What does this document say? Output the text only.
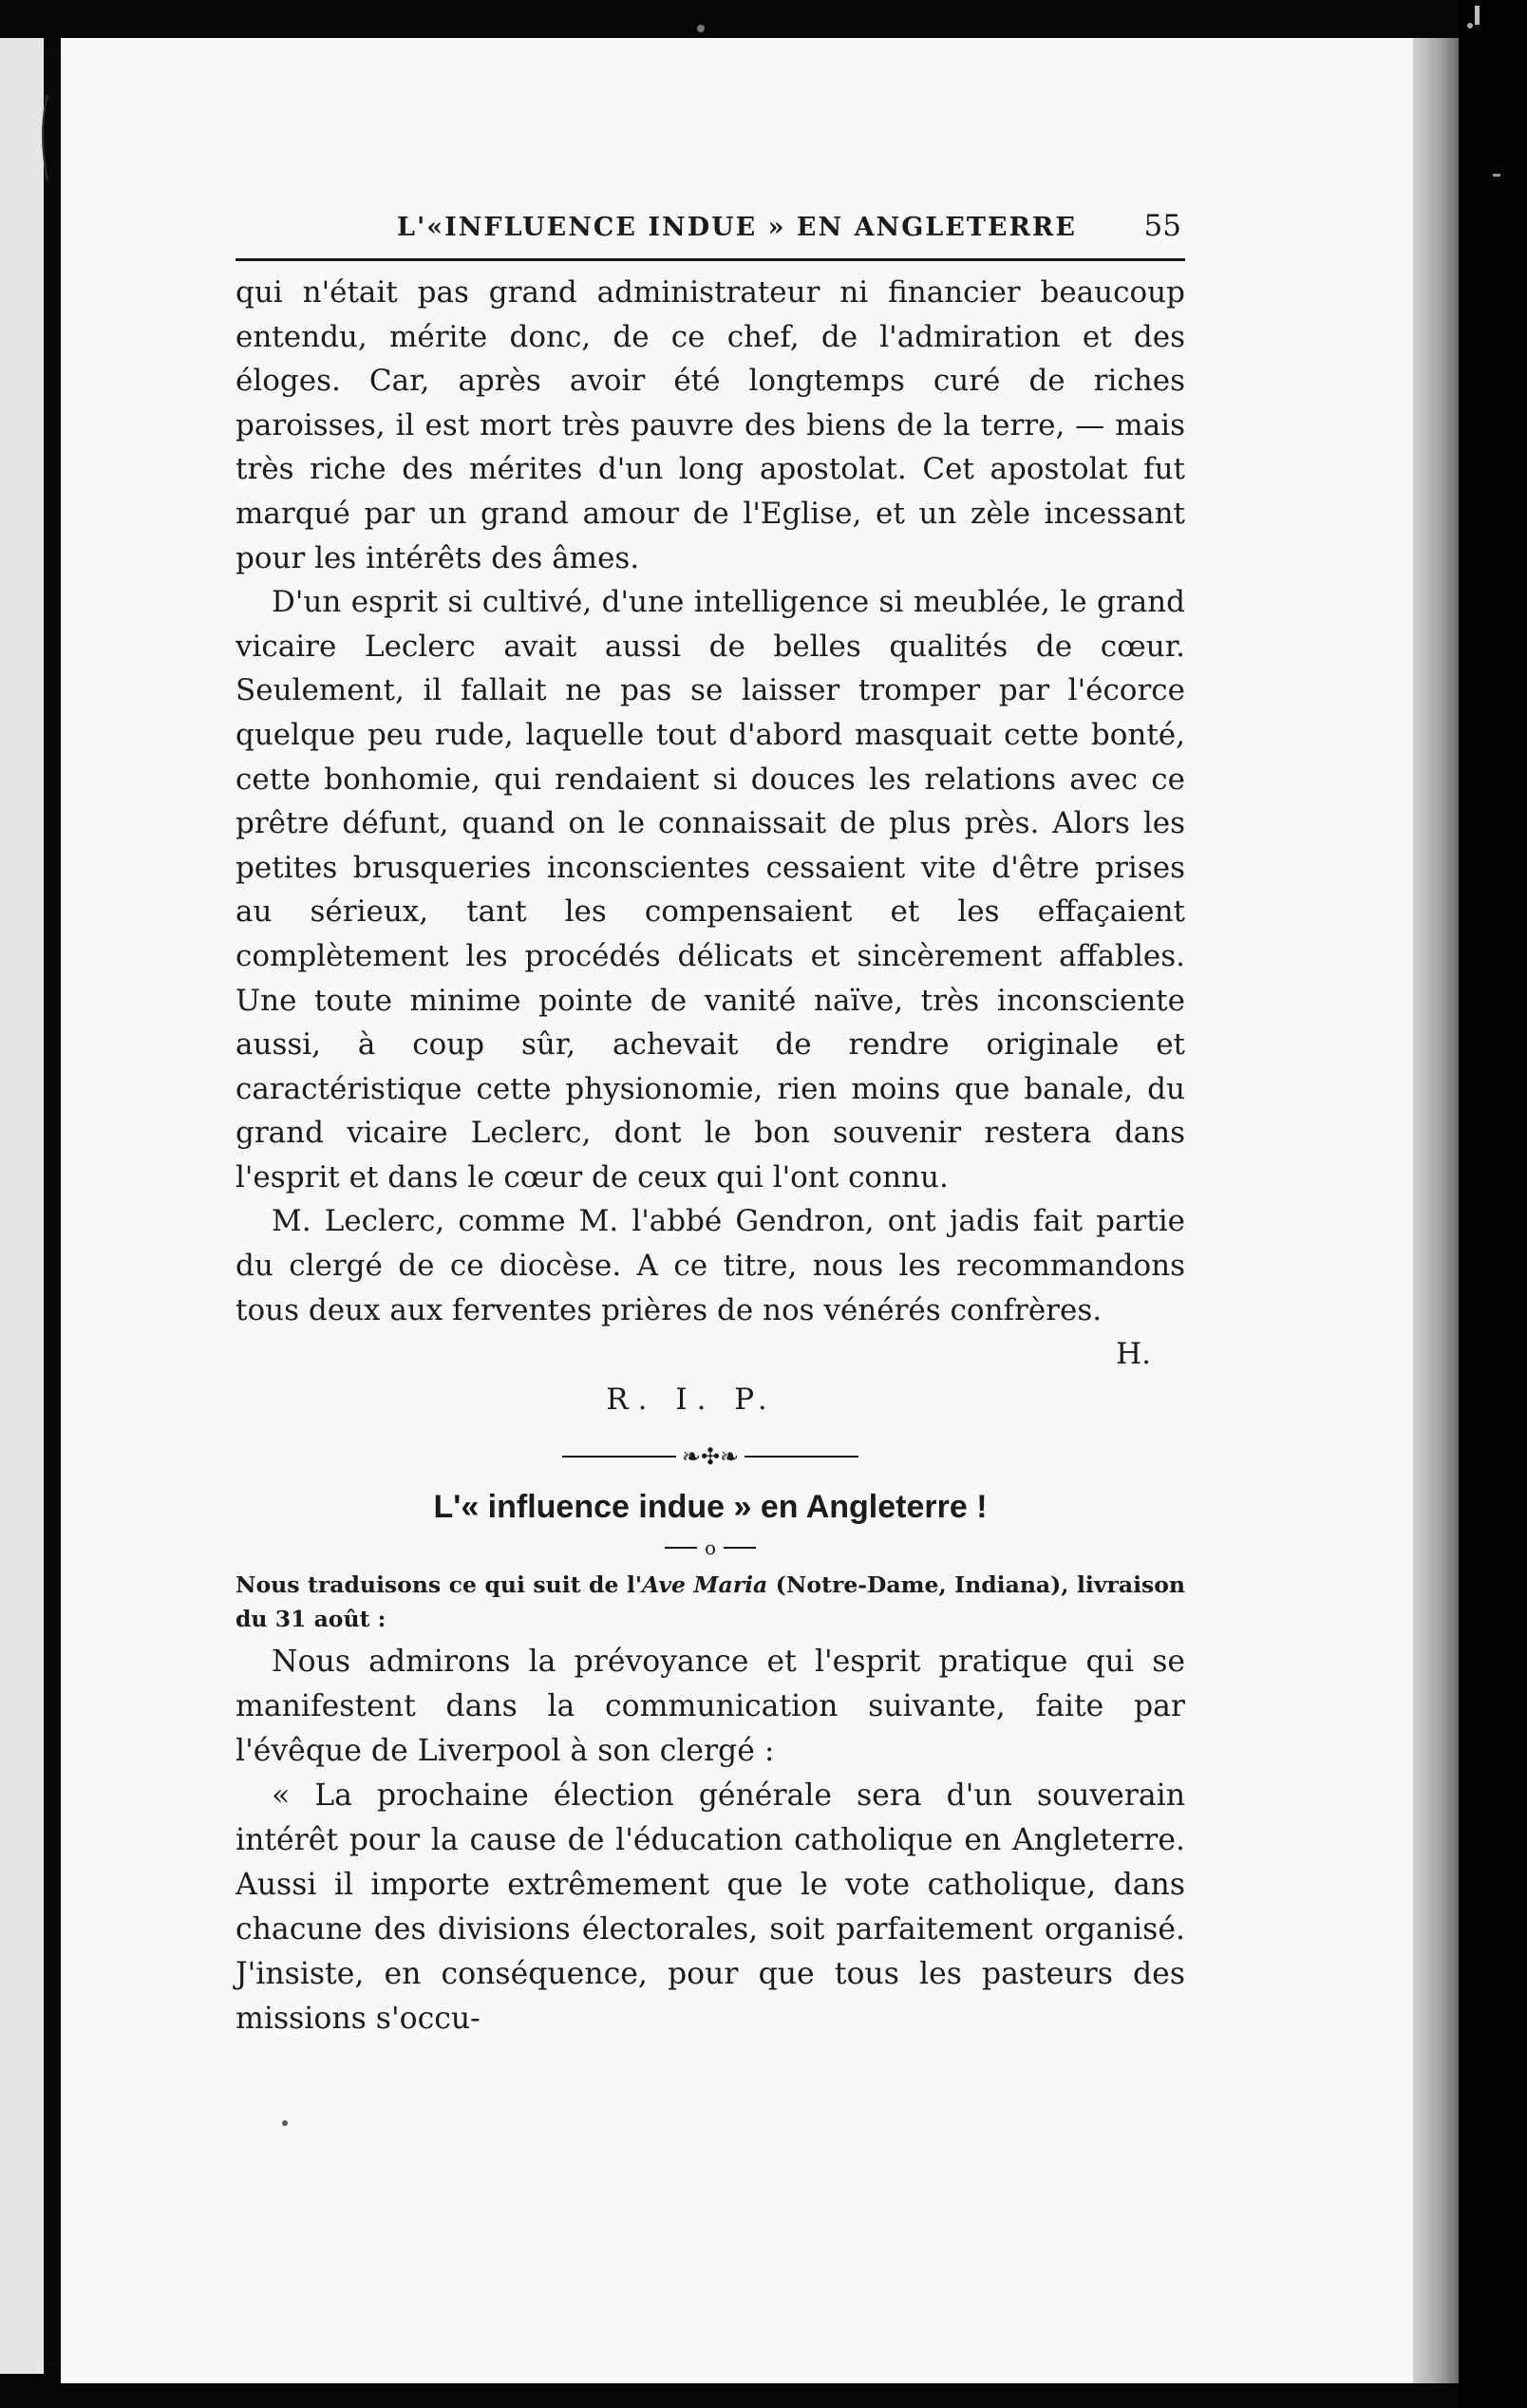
L'«INFLUENCE INDUE » EN ANGLETERRE 55

qui n'était pas grand administrateur ni financier beaucoup entendu, mérite donc, de ce chef, de l'admiration et des éloges. Car, après avoir été longtemps curé de riches paroisses, il est mort très pauvre des biens de la terre, — mais très riche des mérites d'un long apostolat. Cet apostolat fut marqué par un grand amour de l'Eglise, et un zèle incessant pour les intérêts des âmes.

D'un esprit si cultivé, d'une intelligence si meublée, le grand vicaire Leclerc avait aussi de belles qualités de cœur. Seulement, il fallait ne pas se laisser tromper par l'écorce quelque peu rude, laquelle tout d'abord masquait cette bonté, cette bonhomie, qui rendaient si douces les relations avec ce prêtre défunt, quand on le connaissait de plus près. Alors les petites brusqueries inconscientes cessaient vite d'être prises au sérieux, tant les compensaient et les effaçaient complètement les procédés délicats et sincèrement affables. Une toute minime pointe de vanité naïve, très inconsciente aussi, à coup sûr, achevait de rendre originale et caractéristique cette physionomie, rien moins que banale, du grand vicaire Leclerc, dont le bon souvenir restera dans l'esprit et dans le cœur de ceux qui l'ont connu.

M. Leclerc, comme M. l'abbé Gendron, ont jadis fait partie du clergé de ce diocèse. A ce titre, nous les recommandons tous deux aux ferventes prières de nos vénérés confrères.

H.
R. I. P.
❧✣❧
L'« influence indue » en Angleterre !
o

Nous traduisons ce qui suit de l'Ave Maria (Notre-Dame, Indiana), livraison du 31 août :

Nous admirons la prévoyance et l'esprit pratique qui se manifestent dans la communication suivante, faite par l'évêque de Liverpool à son clergé :

« La prochaine élection générale sera d'un souverain intérêt pour la cause de l'éducation catholique en Angleterre. Aussi il importe extrêmement que le vote catholique, dans chacune des divisions électorales, soit parfaitement organisé. J'insiste, en conséquence, pour que tous les pasteurs des missions s'occu-
